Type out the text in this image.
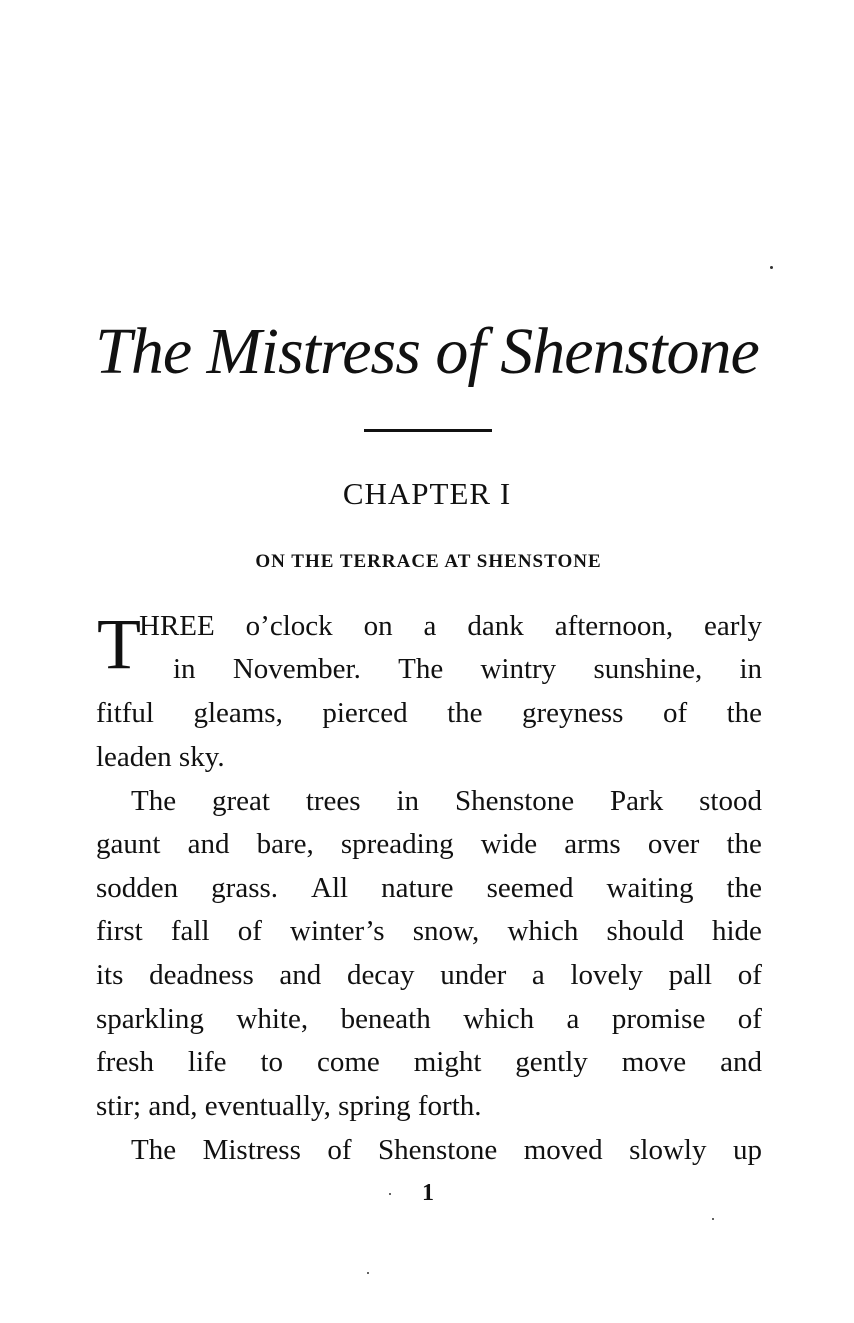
The Mistress of Shenstone
CHAPTER I
ON THE TERRACE AT SHENSTONE
T
HREE o’clock on a dank afternoon, early
in November. The wintry sunshine, in
fitful gleams, pierced the greyness of the
leaden sky.
The great trees in Shenstone Park stood
gaunt and bare, spreading wide arms over the
sodden grass. All nature seemed waiting the
first fall of winter’s snow, which should hide
its deadness and decay under a lovely pall of
sparkling white, beneath which a promise of
fresh life to come might gently move and
stir; and, eventually, spring forth.
The Mistress of Shenstone moved slowly up
1
